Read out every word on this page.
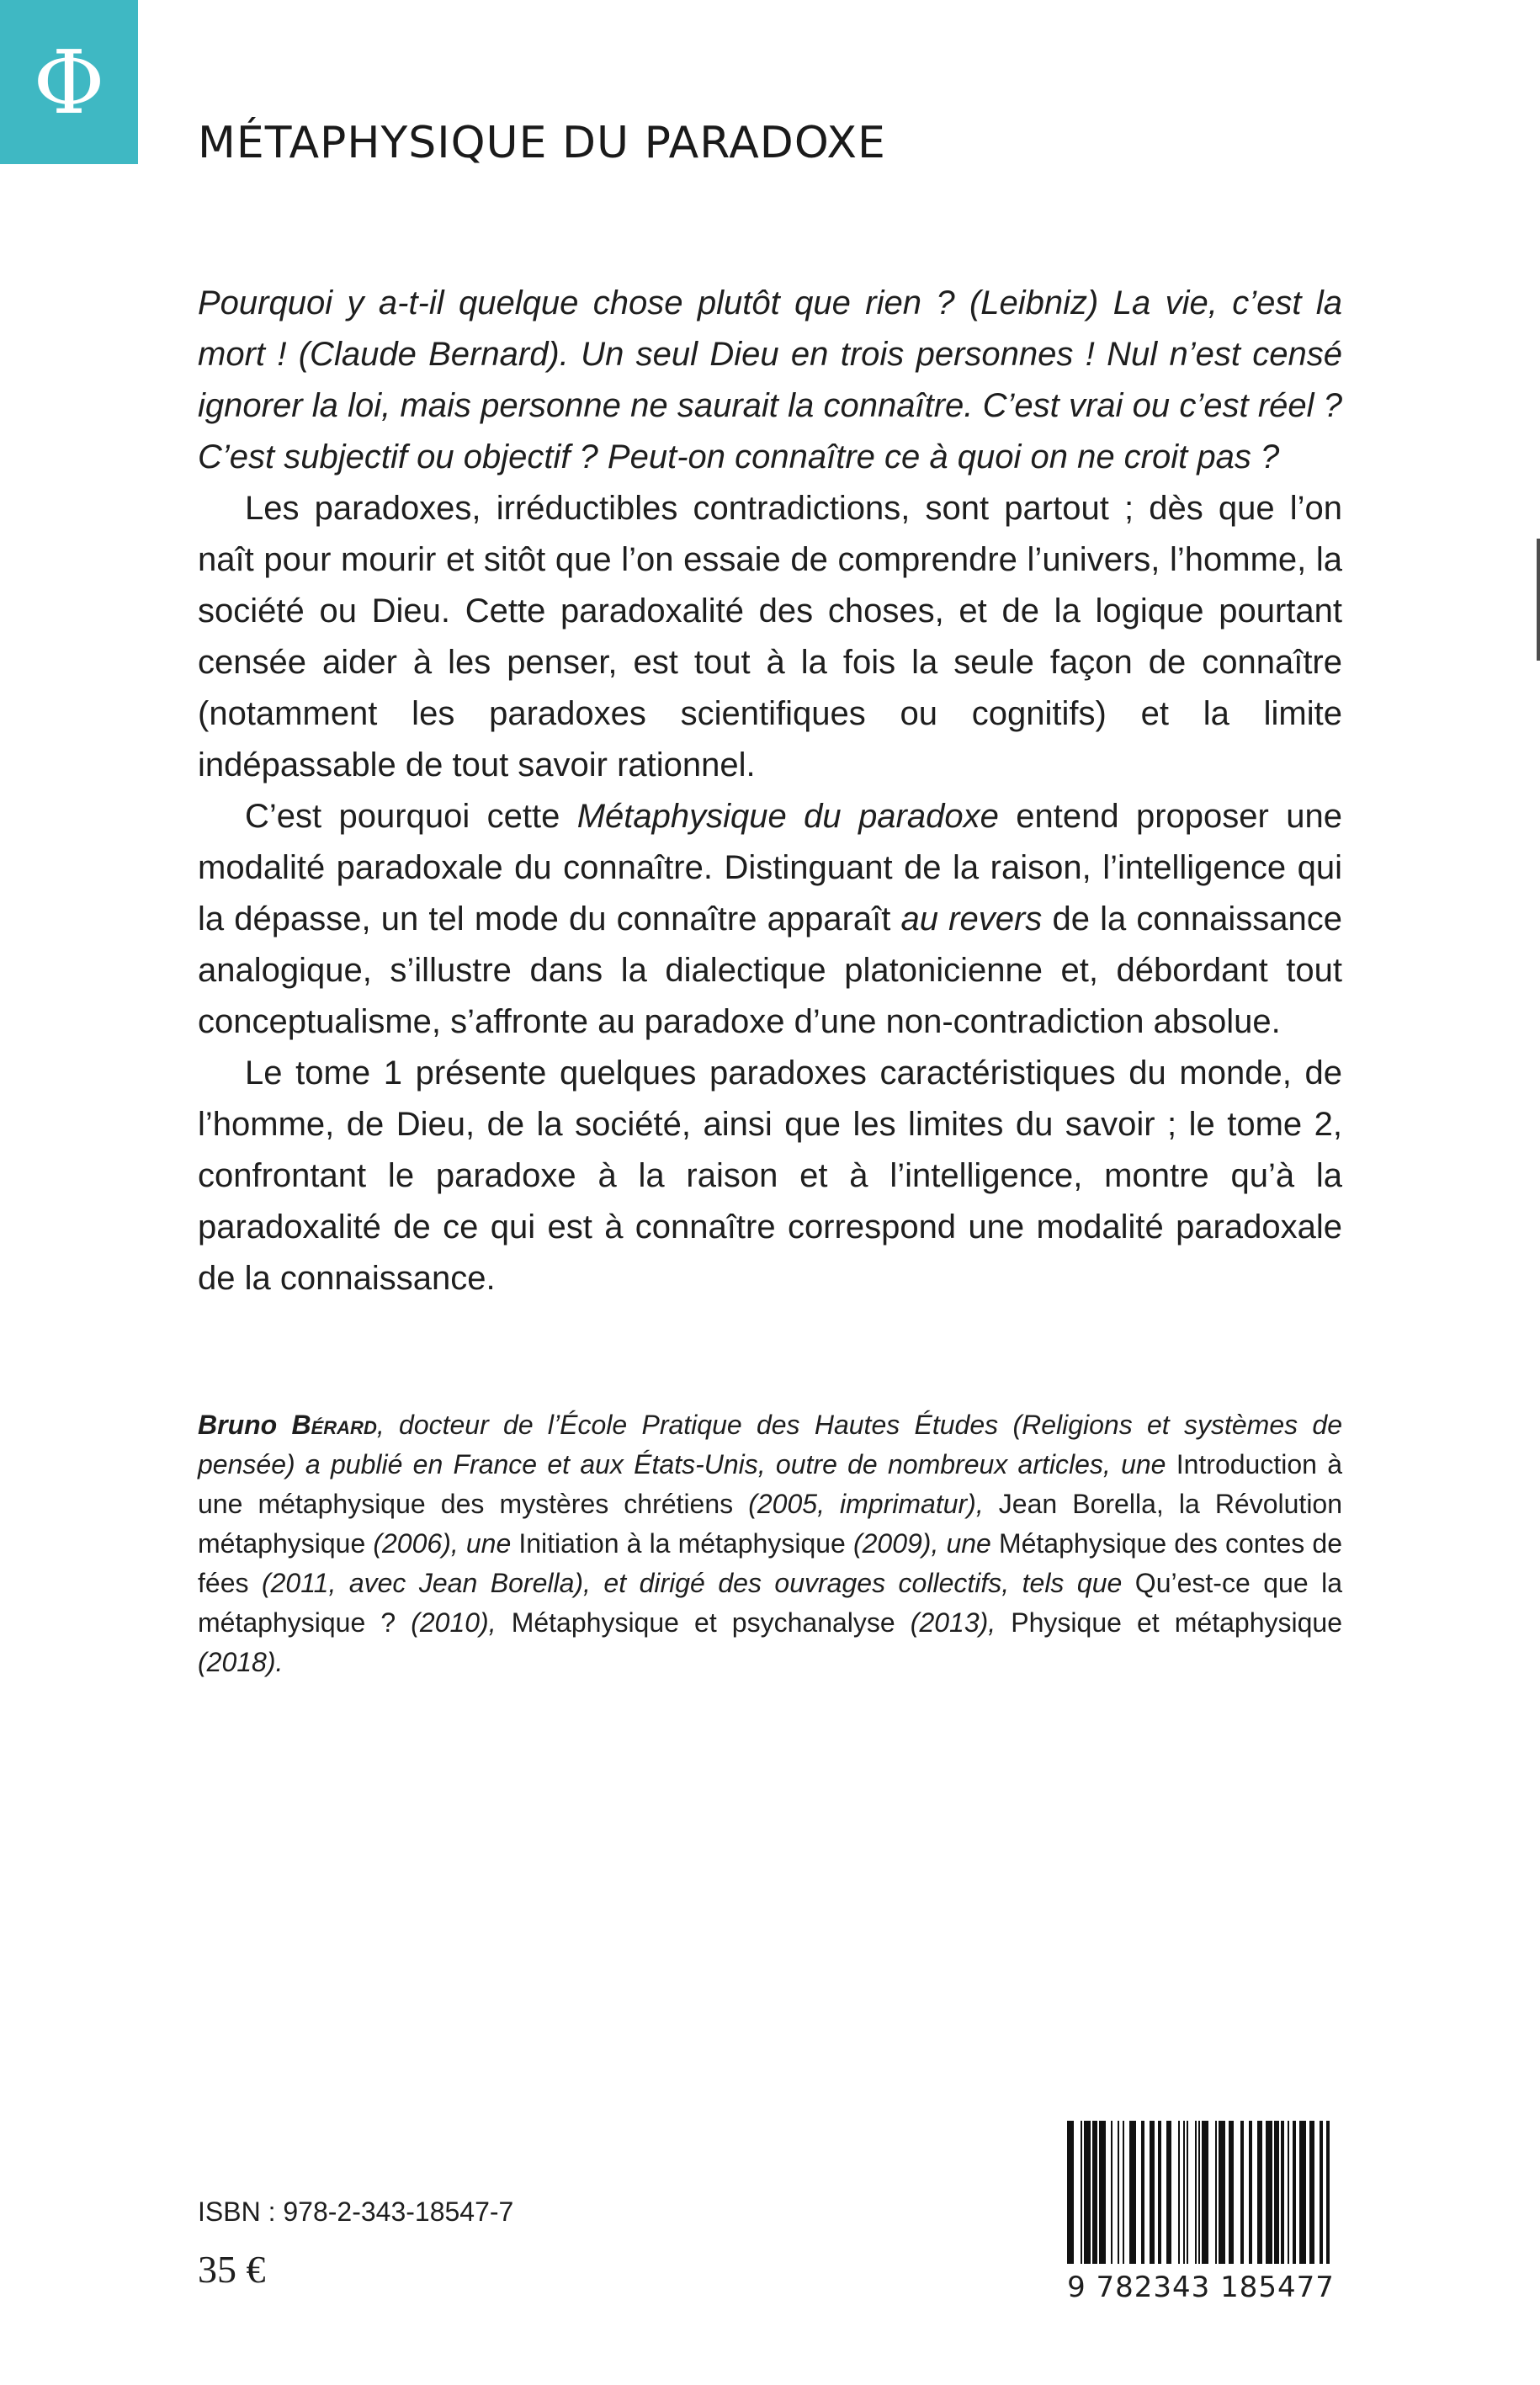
Φ
MÉTAPHYSIQUE DU PARADOXE

Pourquoi y a-t-il quelque chose plutôt que rien ? (Leibniz) La vie, c’est la mort ! (Claude Bernard). Un seul Dieu en trois personnes ! Nul n’est censé ignorer la loi, mais personne ne saurait la connaître. C’est vrai ou c’est réel ? C’est subjectif ou objectif ? Peut-on connaître ce à quoi on ne croit pas ?

Les paradoxes, irréductibles contradictions, sont partout ; dès que l’on naît pour mourir et sitôt que l’on essaie de comprendre l’univers, l’homme, la société ou Dieu. Cette paradoxalité des choses, et de la logique pourtant censée aider à les penser, est tout à la fois la seule façon de connaître (notamment les paradoxes scientifiques ou cognitifs) et la limite indépassable de tout savoir rationnel.

C’est pourquoi cette Métaphysique du paradoxe entend proposer une modalité paradoxale du connaître. Distinguant de la raison, l’intelligence qui la dépasse, un tel mode du connaître apparaît au revers de la connaissance analogique, s’illustre dans la dialectique platonicienne et, débordant tout conceptualisme, s’affronte au paradoxe d’une non-contradiction absolue.

Le tome 1 présente quelques paradoxes caractéristiques du monde, de l’homme, de Dieu, de la société, ainsi que les limites du savoir ; le tome 2, confrontant le paradoxe à la raison et à l’intelligence, montre qu’à la paradoxalité de ce qui est à connaître correspond une modalité paradoxale de la connaissance.

Bruno Bérard, docteur de l’École Pratique des Hautes Études (Religions et systèmes de pensée) a publié en France et aux États-Unis, outre de nombreux articles, une Introduction à une métaphysique des mystères chrétiens (2005, imprimatur), Jean Borella, la Révolution métaphysique (2006), une Initiation à la métaphysique (2009), une Métaphysique des contes de fées (2011, avec Jean Borella), et dirigé des ouvrages collectifs, tels que Qu’est-ce que la métaphysique ? (2010), Métaphysique et psychanalyse (2013), Physique et métaphysique (2018).
ISBN : 978-2-343-18547-7
35 €	9 782343 185477
